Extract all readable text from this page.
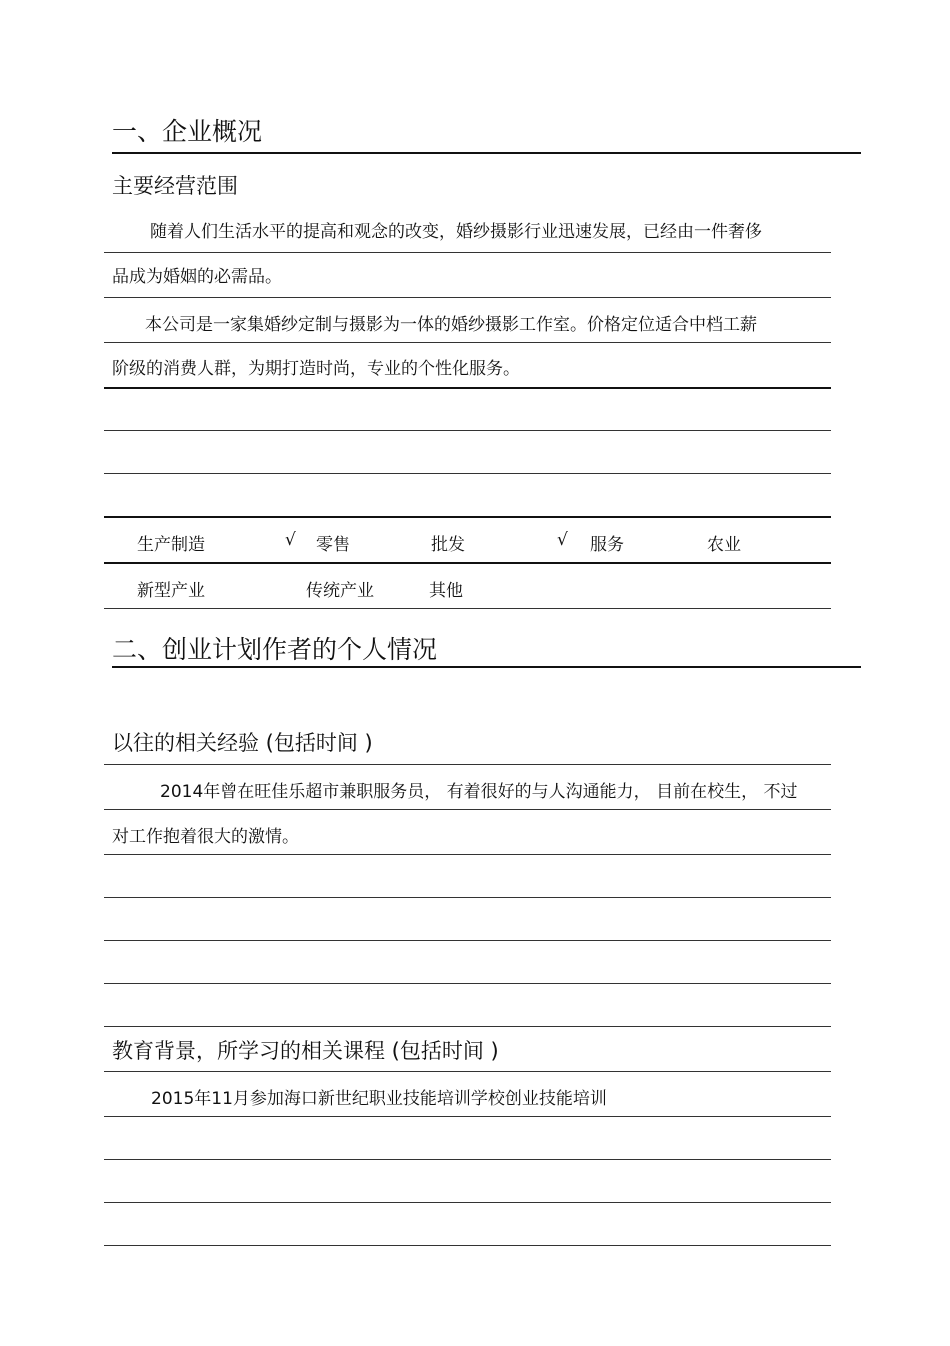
一、企业概况
主要经营范围
随着人们生活水平的提高和观念的改变，婚纱摄影行业迅速发展，已经由一件奢侈
品成为婚姻的必需品。
本公司是一家集婚纱定制与摄影为一体的婚纱摄影工作室。价格定位适合中档工薪
阶级的消费人群，为期打造时尚，专业的个性化服务。
生产制造	√ 零售	批发	√ 服务	农业
新型产业	传统产业	其他
二、创业计划作者的个人情况
以往的相关经验 (包括时间 )
2014年曾在旺佳乐超市兼职服务员， 有着很好的与人沟通能力， 目前在校生， 不过
对工作抱着很大的激情。
教育背景，所学习的相关课程 (包括时间 )
2015年11月参加海口新世纪职业技能培训学校创业技能培训
